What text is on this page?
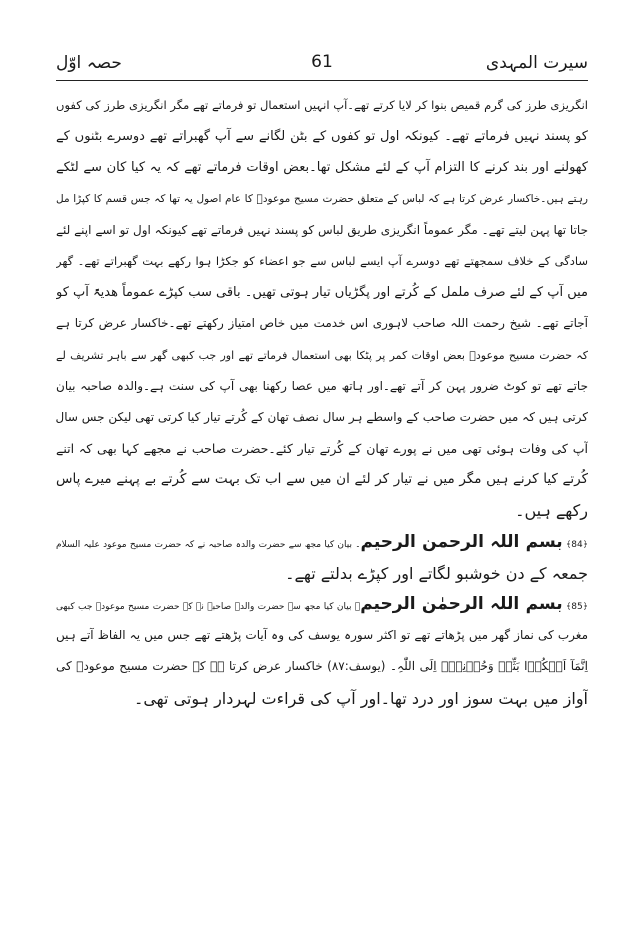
سیرت المہدی
61
حصہ اوّل
انگریزی طرز کی گرم قمیص بنوا کر لایا کرتے تھے۔آپ انہیں استعمال تو فرماتے تھے مگر انگریزی طرز کی کفوں
کو پسند نہیں فرماتے تھے۔ کیونکہ اول تو کفوں کے بٹن لگانے سے آپ گھبراتے تھے دوسرے بٹنوں کے
کھولنے اور بند کرنے کا التزام آپ کے لئے مشکل تھا۔بعض اوقات فرماتے تھے کہ یہ کیا کان سے لٹکے
رہتے ہیں۔خاکسار عرض کرتا ہے کہ لباس کے متعلق حضرت مسیح موعودؑ کا عام اصول یہ تھا کہ جس قسم کا کپڑا مل
جاتا تھا پہن لیتے تھے۔ مگر عموماً انگریزی طریق لباس کو پسند نہیں فرماتے تھے کیونکہ اول تو اسے اپنے لئے
سادگی کے خلاف سمجھتے تھے دوسرے آپ ایسے لباس سے جو اعضاء کو جکڑا ہوا رکھے بہت گھبراتے تھے۔ گھر
میں آپ کے لئے صرف ململ کے کُرتے اور پگڑیاں تیار ہوتی تھیں۔ باقی سب کپڑے عموماً ھدیۃً آپ کو
آجاتے تھے۔ شیخ رحمت اللہ صاحب لاہوری اس خدمت میں خاص امتیاز رکھتے تھے۔خاکسار عرض کرتا ہے
کہ حضرت مسیح موعودؑ بعض اوقات کمر پر پٹکا بھی استعمال فرماتے تھے اور جب کبھی گھر سے باہر تشریف لے
جاتے تھے تو کوٹ ضرور پہن کر آتے تھے۔اور ہاتھ میں عصا رکھنا بھی آپ کی سنت ہے۔والدہ صاحبہ بیان
کرتی ہیں کہ میں حضرت صاحب کے واسطے ہر سال نصف تھان کے کُرتے تیار کیا کرتی تھی لیکن جس سال
آپ کی وفات ہوئی تھی میں نے پورے تھان کے کُرتے تیار کئے۔حضرت صاحب نے مجھے کہا بھی کہ اتنے
کُرتے کیا کرنے ہیں مگر میں نے تیار کر لئے ان میں سے اب تک بہت سے کُرتے بے پہنے میرے پاس
رکھے ہیں۔
﴿84﴾ بسم اللہ الرحمن الرحیم۔ بیان کیا مجھ سے حضرت والدہ صاحبہ نے کہ حضرت مسیح موعود علیہ السلام
جمعہ کے دن خوشبو لگاتے اور کپڑے بدلتے تھے۔
﴿85﴾ بسم اللہ الرحمٰن الرحیم۔ بیان کیا مجھ سے حضرت والدہ صاحبہ نے کہ حضرت مسیح موعودؑ جب کبھی
مغرب کی نماز گھر میں پڑھاتے تھے تو اکثر سورہ یوسف کی وہ آیات پڑھتے تھے جس میں یہ الفاظ آتے ہیں
اِنَّمَآ اَشۡکُوۡا بَثِّیۡ وَحُزۡنِیۡۤ اِلَی اللّٰہِ۔ (یوسف:۸۷) خاکسار عرض کرتا ہے کہ حضرت مسیح موعودؑ کی
آواز میں بہت سوز اور درد تھا۔اور آپ کی قراءت لہردار ہوتی تھی۔
